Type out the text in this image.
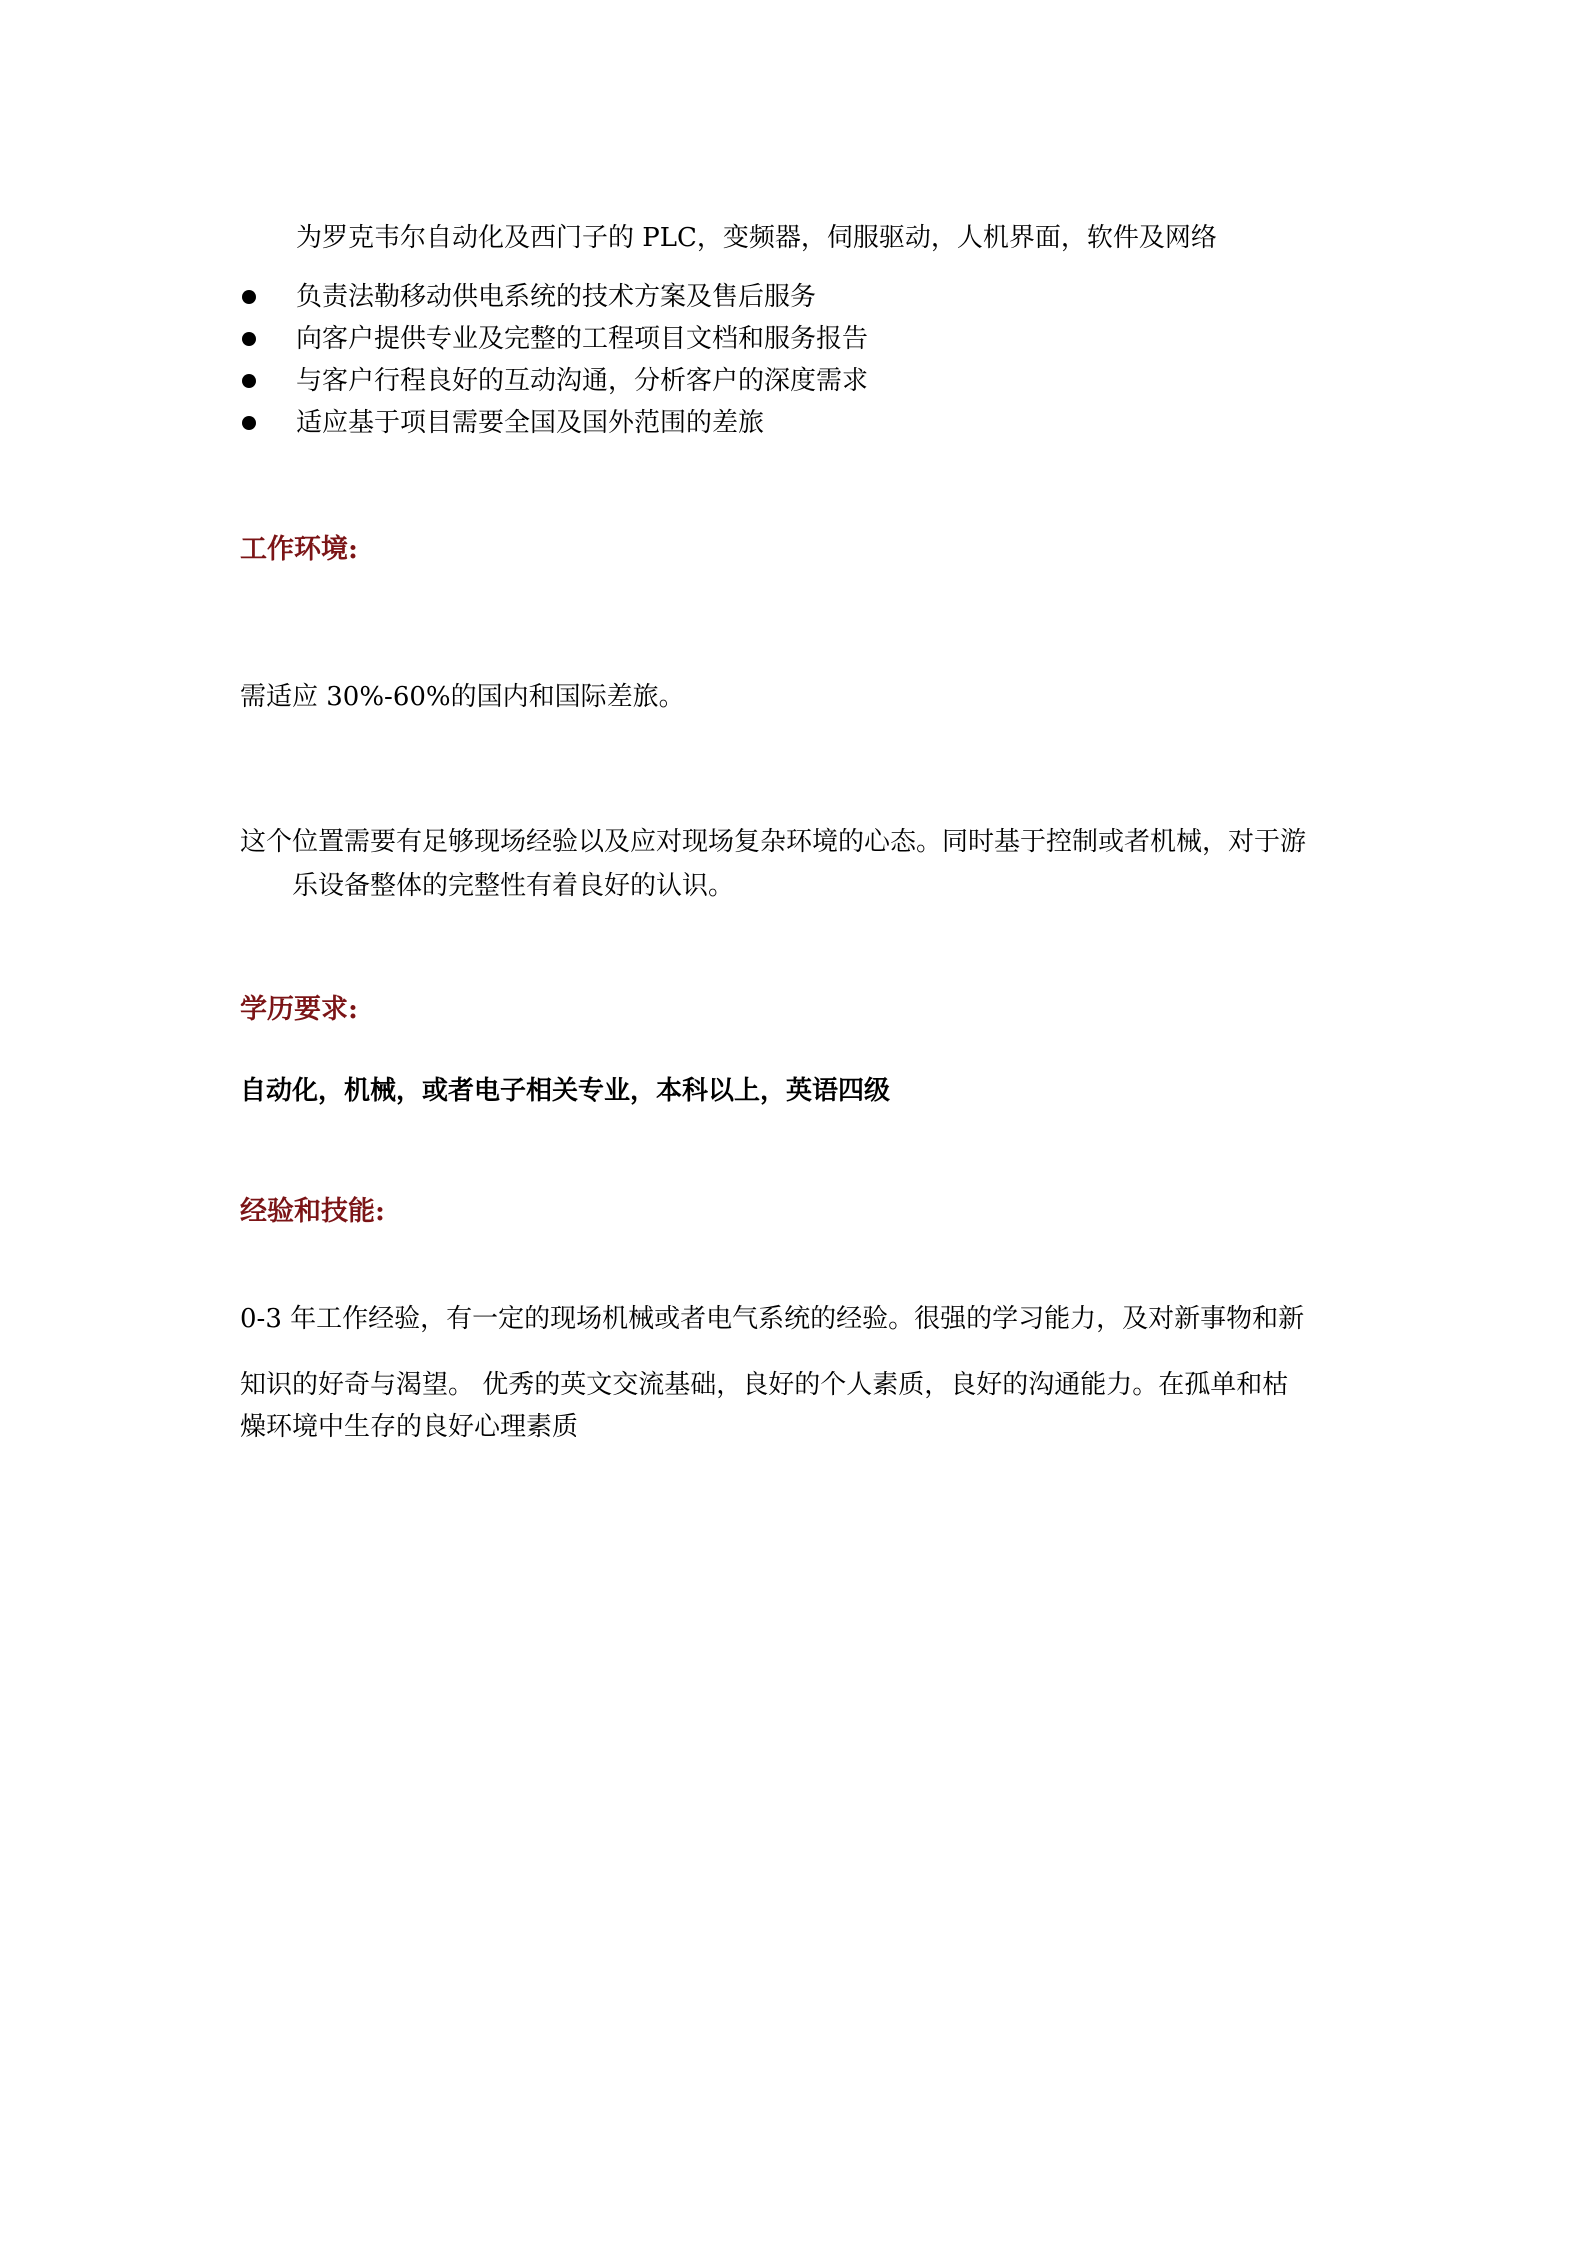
为罗克韦尔自动化及西门子的 PLC，变频器，伺服驱动，人机界面，软件及网络
负责法勒移动供电系统的技术方案及售后服务
向客户提供专业及完整的工程项目文档和服务报告
与客户行程良好的互动沟通，分析客户的深度需求
适应基于项目需要全国及国外范围的差旅
工作环境:
需适应 30%-60%的国内和国际差旅。
这个位置需要有足够现场经验以及应对现场复杂环境的心态。同时基于控制或者机械，对于游
乐设备整体的完整性有着良好的认识。
学历要求:
自动化，机械，或者电子相关专业，本科以上，英语四级
经验和技能:
0-3 年工作经验，有一定的现场机械或者电气系统的经验。很强的学习能力，及对新事物和新
知识的好奇与渴望。 优秀的英文交流基础，良好的个人素质，良好的沟通能力。在孤单和枯
燥环境中生存的良好心理素质
